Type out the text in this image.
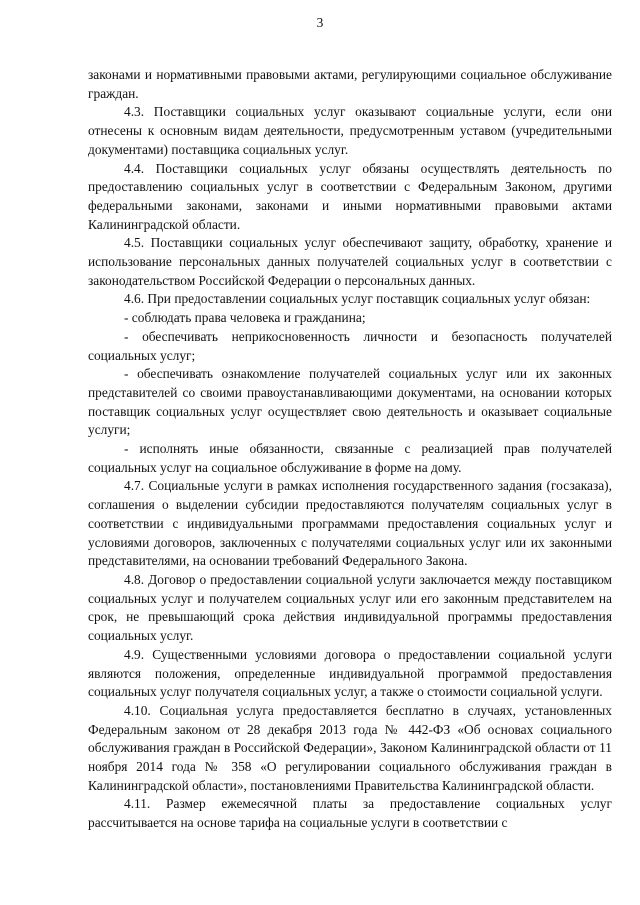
3

законами и нормативными правовыми актами, регулирующими социальное обслуживание граждан.

4.3. Поставщики социальных услуг оказывают социальные услуги, если они отнесены к основным видам деятельности, предусмотренным уставом (учредительными документами) поставщика социальных услуг.

4.4. Поставщики социальных услуг обязаны осуществлять деятельность по предоставлению социальных услуг в соответствии с Федеральным Законом, другими федеральными законами, законами и иными нормативными правовыми актами Калининградской области.

4.5. Поставщики социальных услуг обеспечивают защиту, обработку, хранение и использование персональных данных получателей социальных услуг в соответствии с законодательством Российской Федерации о персональных данных.

4.6. При предоставлении социальных услуг поставщик социальных услуг обязан:

- соблюдать права человека и гражданина;

- обеспечивать неприкосновенность личности и безопасность получателей социальных услуг;

- обеспечивать ознакомление получателей социальных услуг или их законных представителей со своими правоустанавливающими документами, на основании которых поставщик социальных услуг осуществляет свою деятельность и оказывает социальные услуги;

- исполнять иные обязанности, связанные с реализацией прав получателей социальных услуг на социальное обслуживание в форме на дому.

4.7. Социальные услуги в рамках исполнения государственного задания (госзаказа), соглашения о выделении субсидии предоставляются получателям социальных услуг в соответствии с индивидуальными программами предоставления социальных услуг и условиями договоров, заключенных с получателями социальных услуг или их законными представителями, на основании требований Федерального Закона.

4.8. Договор о предоставлении социальной услуги заключается между поставщиком социальных услуг и получателем социальных услуг или его законным представителем на срок, не превышающий срока действия индивидуальной программы предоставления социальных услуг.

4.9. Существенными условиями договора о предоставлении социальной услуги являются положения, определенные индивидуальной программой предоставления социальных услуг получателя социальных услуг, а также о стоимости социальной услуги.

4.10. Социальная услуга предоставляется бесплатно в случаях, установленных Федеральным законом от 28 декабря 2013 года № 442-ФЗ «Об основах социального обслуживания граждан в Российской Федерации», Законом Калининградской области от 11 ноября 2014 года № 358 «О регулировании социального обслуживания граждан в Калининградской области», постановлениями Правительства Калининградской области.

4.11. Размер ежемесячной платы за предоставление социальных услуг рассчитывается на основе тарифа на социальные услуги в соответствии с
